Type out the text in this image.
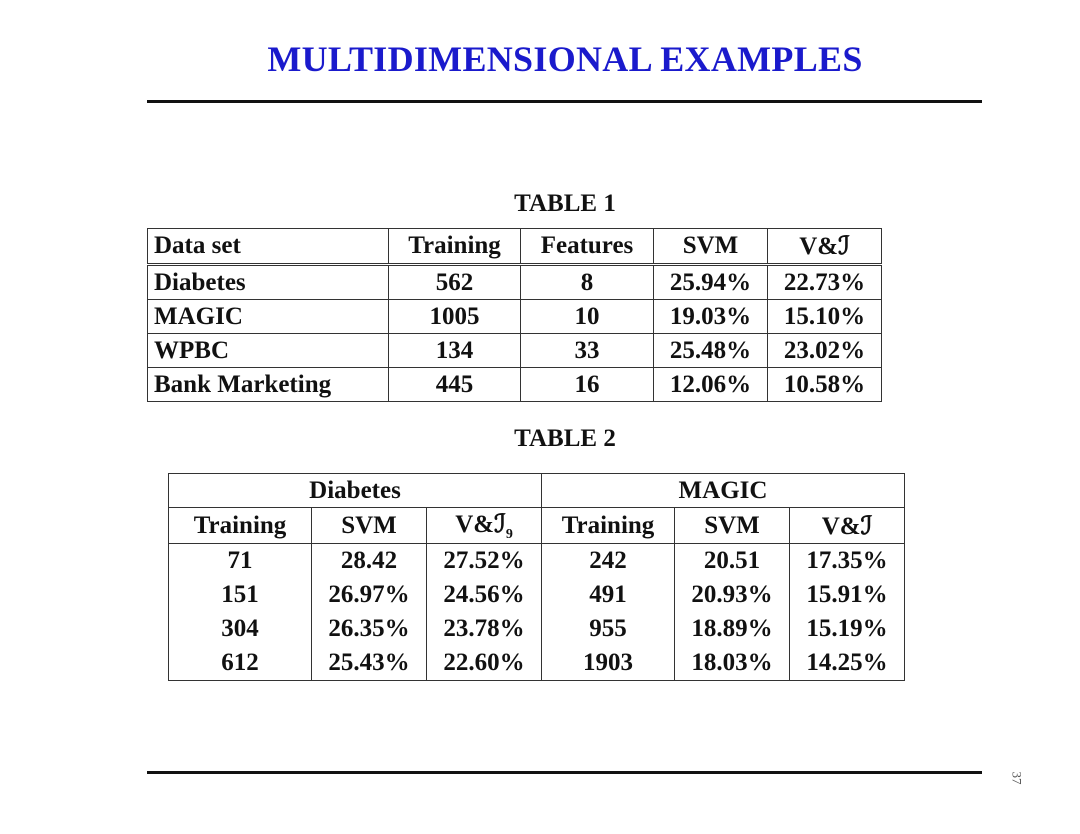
MULTIDIMENSIONAL EXAMPLES
TABLE 1
Data set	Training	Features	SVM	V&ℐ
Diabetes	562	8	25.94%	22.73%
MAGIC	1005	10	19.03%	15.10%
WPBC	134	33	25.48%	23.02%
Bank Marketing	445	16	12.06%	10.58%
TABLE 2
Diabetes			MAGIC		
Training	SVM	V&ℐ$_9$	Training	SVM	V&ℐ
71	28.42	27.52%	242	20.51	17.35%
151	26.97%	24.56%	491	20.93%	15.91%
304	26.35%	23.78%	955	18.89%	15.19%
612	25.43%	22.60%	1903	18.03%	14.25%
37
